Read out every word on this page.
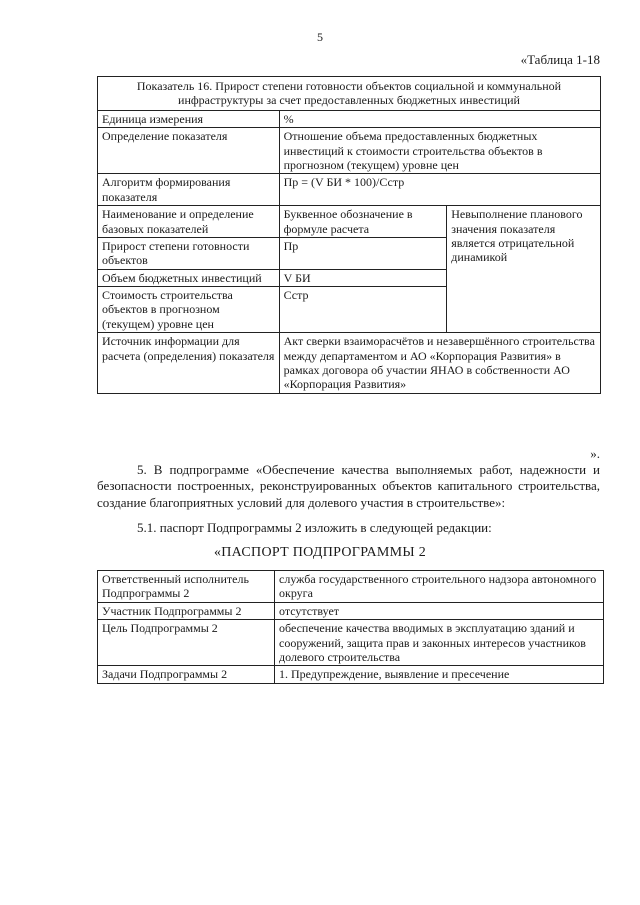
5
«Таблица 1-18
Показатель 16. Прирост степени готовности объектов социальной и коммунальной инфраструктуры за счет предоставленных бюджетных инвестиций		
Единица измерения	%	
Определение показателя	Отношение объема предоставленных бюджетных инвестиций к стоимости строительства объектов в прогнозном (текущем) уровне цен	
Алгоритм формирования показателя	Пр = (V БИ * 100)/Сстр	
Наименование и определение базовых показателей	Буквенное обозначение в формуле расчета	Невыполнение планового значения показателя является отрицательной динамикой
Прирост степени готовности объектов	Пр	
Объем бюджетных инвестиций	V БИ	
Стоимость строительства объектов в прогнозном (текущем) уровне цен	Сстр	
Источник информации для расчета (определения) показателя	Акт сверки взаиморасчётов и незавершённого строительства между департаментом и АО «Корпорация Развития» в рамках договора об участии ЯНАО в собственности АО «Корпорация Развития»	
».
5. В подпрограмме «Обеспечение качества выполняемых работ, надежности и безопасности построенных, реконструированных объектов капитального строительства, создание благоприятных условий для долевого участия в строительстве»:
5.1. паспорт Подпрограммы 2 изложить в следующей редакции:
«ПАСПОРТ ПОДПРОГРАММЫ 2
Ответственный исполнитель Подпрограммы 2	служба государственного строительного надзора автономного округа
Участник Подпрограммы 2	отсутствует
Цель Подпрограммы 2	обеспечение качества вводимых в эксплуатацию зданий и сооружений, защита прав и законных интересов участников долевого строительства
Задачи Подпрограммы 2	1. Предупреждение, выявление и пресечение
